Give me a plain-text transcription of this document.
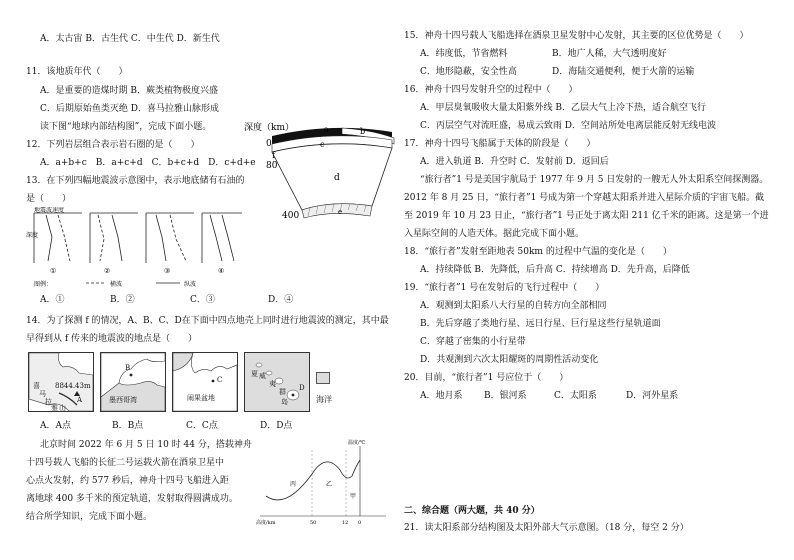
A．太古宙 B．古生代 C．中生代 D．新生代
11．该地质年代（　　）
A．是重要的造煤时期 B．蕨类植物极度兴盛
C．后期原始鱼类灭绝 D．喜马拉雅山脉形成
读下图“地球内部结构图”，完成下面小题。
12．下列岩层组合表示岩石圈的是（　　）
A．a+b+c　B．a+c+d　C．b+c+d　D．c+d+e
13．在下列四幅地震波示意图中，表示地底储有石油的
是（　　）
地震波速度
深度
①	②	③	④
图例：	横波	纵波
A．①	B．②	C．③	D．④
14．为了探测 f 的情况，A、B、C、D在下面中四点地壳上同时进行地震波的测定，其中最
早得到从 f 传来的地震波的地点是（　　）
喜
马
拉
雅 山
8844.43m
A
B
墨西哥湾
C
闹果盆地
夏 威
夷
群
岛
D
海洋
A．A点	B．B点	C．C点	D．D点
北京时间 2022 年 6 月 5 日 10 时 44 分，搭载神舟
十四号载人飞船的长征二号运载火箭在酒泉卫星中
心点火发射，约 577 秒后，神舟十四号飞船进入距
离地球 400 多千米的预定轨道，发射取得圆满成功。
结合所学知识，完成下面小题。
深度（km）	a	b
c
d
e
f
0
80
400
温度/℃
高度/km
丙	乙
甲
50	12 0
15．神舟十四号载人飞船选择在酒泉卫星发射中心发射，其主要的区位优势是（　　）
A．纬度低，节省燃料	B．地广人稀，大气透明度好
C．地形隐蔽，安全性高	D．海陆交通便利，便于火箭的运输
16．神舟十四号发射升空的过程中（　　）
A．甲层臭氧吸收大量太阳紫外线 B．乙层大气上冷下热，适合航空飞行
C．丙层空气对流旺盛，易成云致雨 D．空间站所处电离层能反射无线电波
17．神舟十四号飞船属于天体的阶段是（　　）
A．进入轨道 B．升空时 C．发射前 D．返回后
“旅行者”1 号是美国宇航局于 1977 年 9 月 5 日发射的一艘无人外太阳系空间探测器。
2012 年 8 月 25 日，“旅行者”1 号成为第一个穿越太阳系并进入星际介质的宇宙飞船。截
至 2019 年 10 月 23 日止，“旅行者”1 号正处于离太阳 211 亿千米的距离。这是第一个进
入星际空间的人造天体。据此完成下面小题。
18．“旅行者”发射至距地表 50km 的过程中气温的变化是（　　）
A．持续降低 B．先降低，后升高 C．持续增高 D．先升高，后降低
19．“旅行者”1 号在发射后的飞行过程中（　　）
A．观测到太阳系八大行星的自转方向全部相同
B．先后穿越了类地行星、远日行星、巨行星这些行星轨道面
C．穿越了密集的小行星带
D．共观测到六次太阳耀斑的周期性活动变化
20．目前，“旅行者”1 号应位于（　　）
A．地月系 B．银河系	C．太阳系	D．河外星系
二、综合题（两大题，共 40 分）
21．读太阳系部分结构图及太阳外部大气示意图。（18 分，每空 2 分）
